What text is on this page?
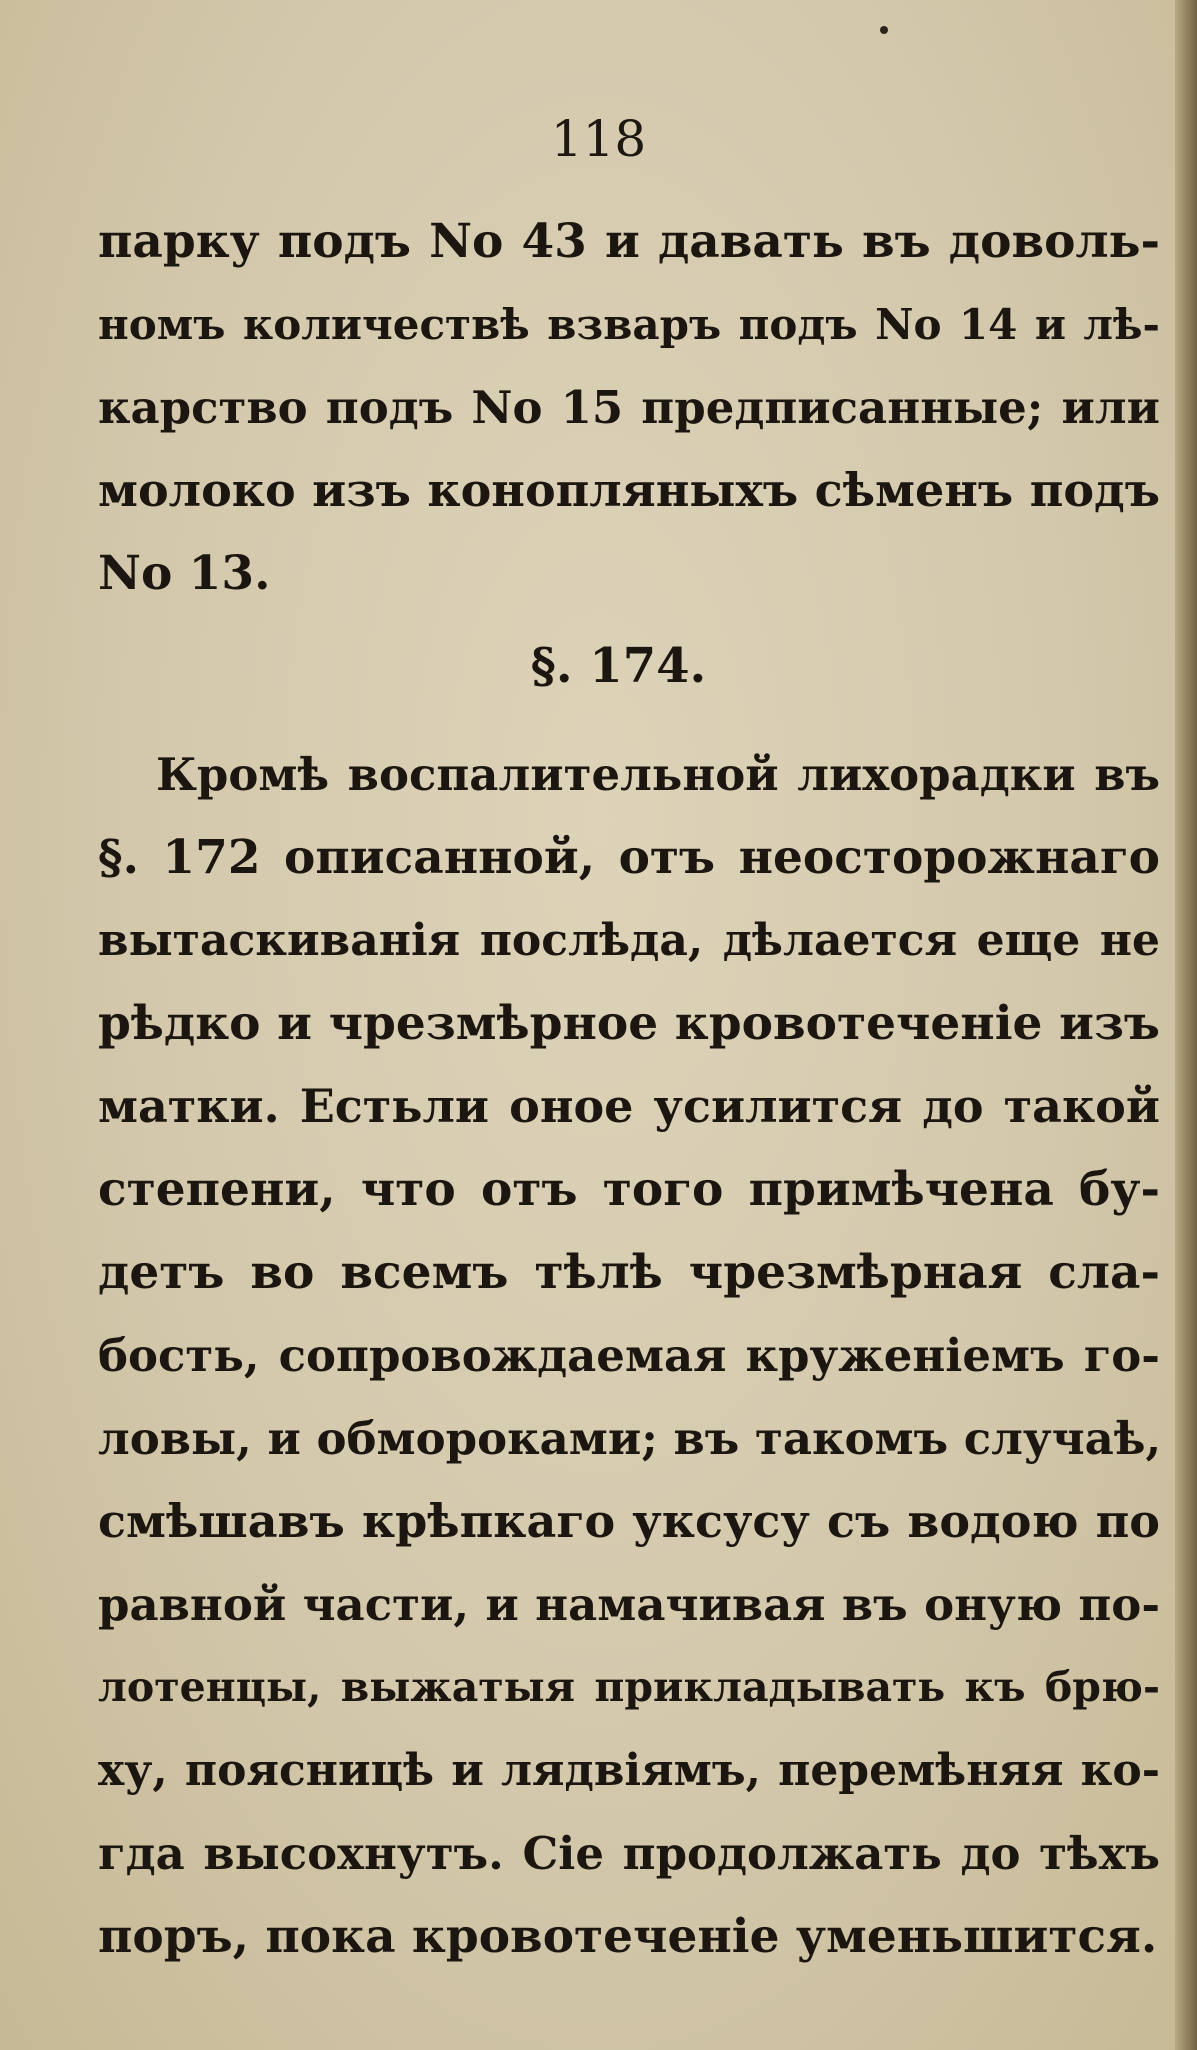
118
парку подъ No 43 и давать въ доволь-
номъ количествѣ взваръ подъ No 14 и лѣ-
карство подъ No 15 предписанные; или
молоко изъ конопляныхъ сѣменъ подъ
No 13.
§. 174.
Кромѣ воспалительной лихорадки въ
§. 172 описанной, отъ неосторожнаго
вытаскиванія послѣда, дѣлается еще не
рѣдко и чрезмѣрное кровотеченіе изъ
матки. Естьли оное усилится до такой
степени, что отъ того примѣчена бу-
детъ во всемъ тѣлѣ чрезмѣрная сла-
бость, сопровождаемая круженіемъ го-
ловы, и обмороками; въ такомъ случаѣ,
смѣшавъ крѣпкаго уксусу съ водою по
равной части, и намачивая въ оную по-
лотенцы, выжатыя прикладывать къ брю-
ху, поясницѣ и лядвіямъ, перемѣняя ко-
гда высохнутъ. Сіе продолжать до тѣхъ
поръ, пока кровотеченіе уменьшится.
